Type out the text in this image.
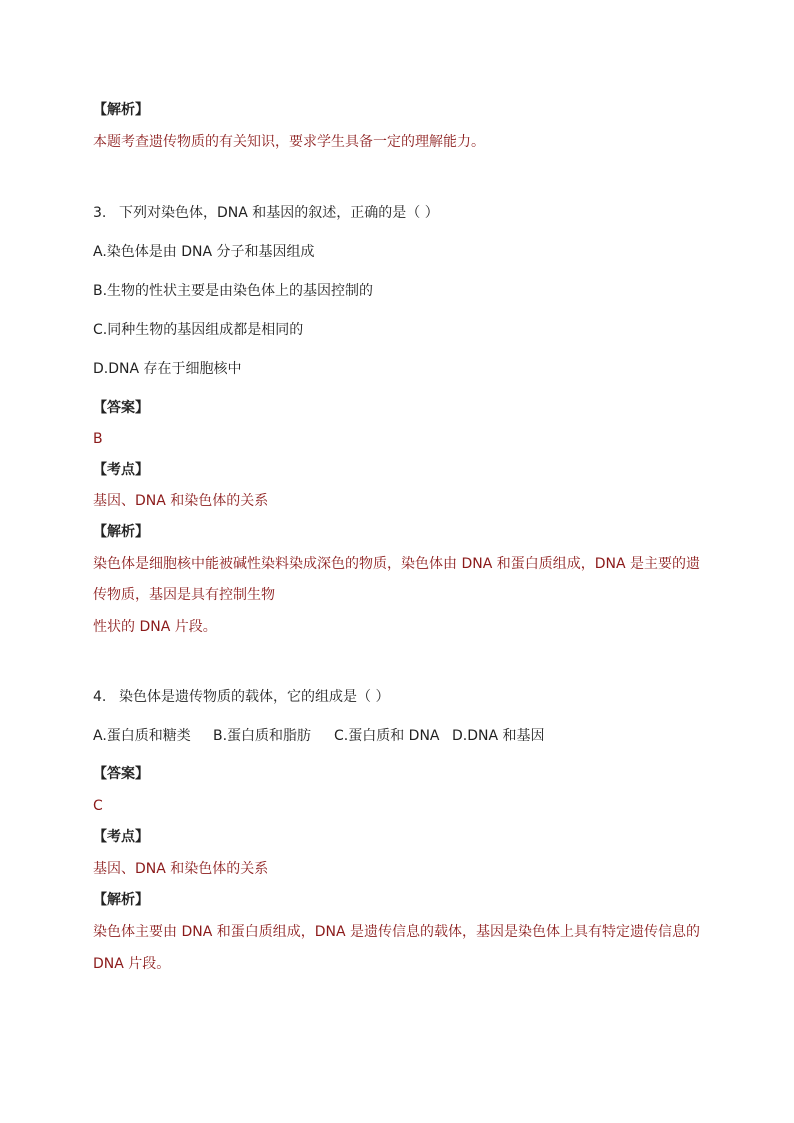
【解析】
本题考查遗传物质的有关知识，要求学生具备一定的理解能力。
3. 下列对染色体，DNA 和基因的叙述，正确的是（ ）
A.染色体是由 DNA 分子和基因组成
B.生物的性状主要是由染色体上的基因控制的
C.同种生物的基因组成都是相同的
D.DNA 存在于细胞核中
【答案】
B
【考点】
基因、DNA 和染色体的关系
【解析】
染色体是细胞核中能被碱性染料染成深色的物质，染色体由 DNA 和蛋白质组成，DNA 是主要的遗
传物质，基因是具有控制生物
性状的 DNA 片段。
4. 染色体是遗传物质的载体，它的组成是（ ）
A.蛋白质和糖类 B.蛋白质和脂肪 C.蛋白质和 DNA D.DNA 和基因
【答案】
C
【考点】
基因、DNA 和染色体的关系
【解析】
染色体主要由 DNA 和蛋白质组成，DNA 是遗传信息的载体，基因是染色体上具有特定遗传信息的
DNA 片段。
